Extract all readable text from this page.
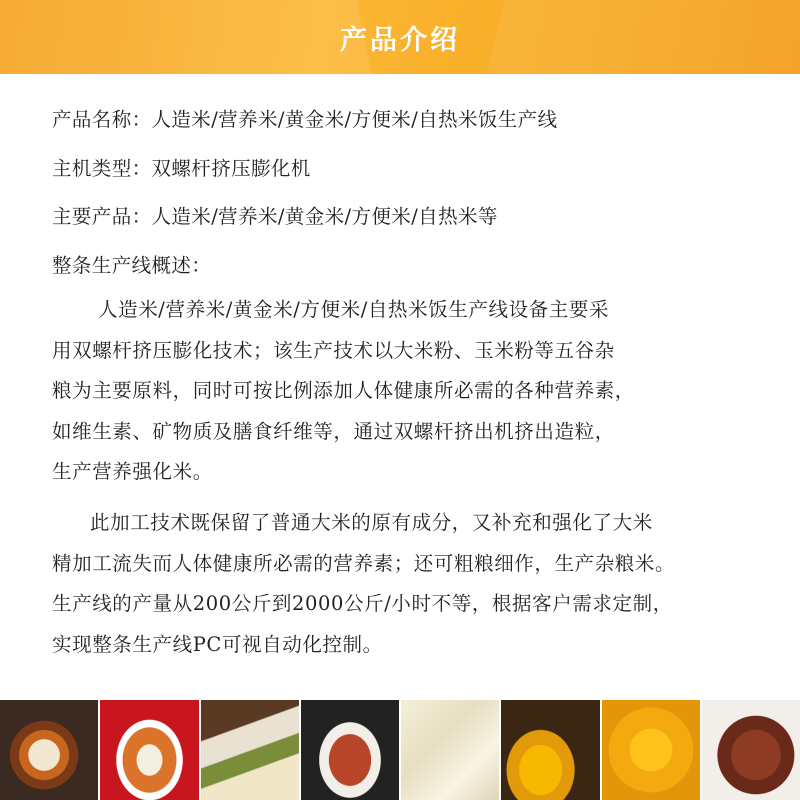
产品介绍
产品名称：人造米/营养米/黄金米/方便米/自热米饭生产线
主机类型：双螺杆挤压膨化机
主要产品：人造米/营养米/黄金米/方便米/自热米等
整条生产线概述：
人造米/营养米/黄金米/方便米/自热米饭生产线设备主要采
用双螺杆挤压膨化技术；该生产技术以大米粉、玉米粉等五谷杂
粮为主要原料，同时可按比例添加人体健康所必需的各种营养素，
如维生素、矿物质及膳食纤维等，通过双螺杆挤出机挤出造粒，
生产营养强化米。
此加工技术既保留了普通大米的原有成分，又补充和强化了大米
精加工流失而人体健康所必需的营养素；还可粗粮细作，生产杂粮米。
生产线的产量从200公斤到2000公斤/小时不等，根据客户需求定制，
实现整条生产线PC可视自动化控制。
